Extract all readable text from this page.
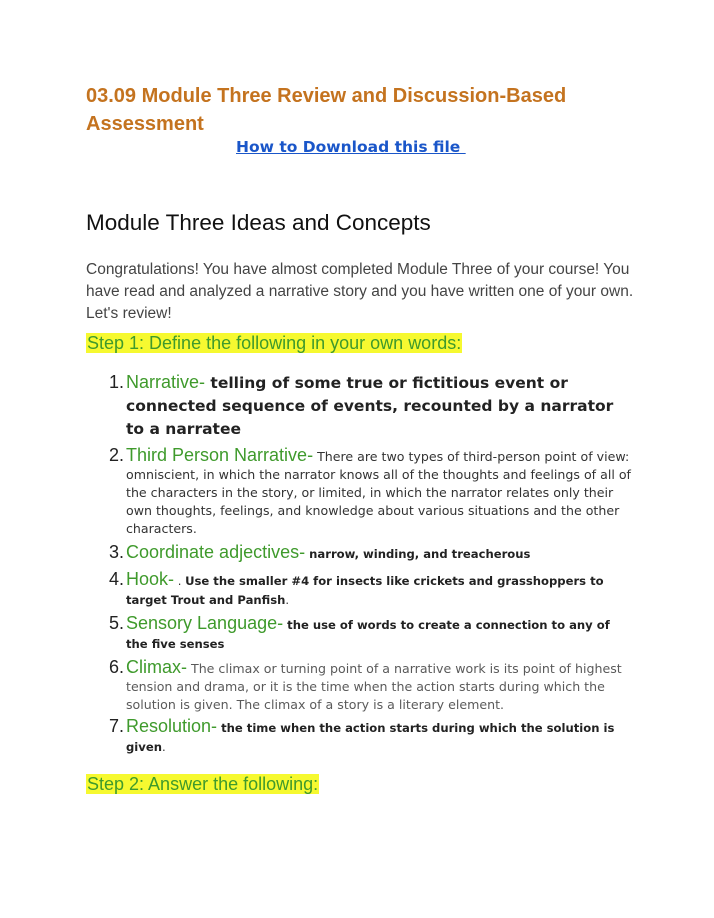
03.09 Module Three Review and Discussion-Based Assessment
How to Download this file
Module Three Ideas and Concepts

Congratulations! You have almost completed Module Three of your course! You have read and analyzed a narrative story and you have written one of your own. Let's review!

Step 1: Define the following in your own words:
1. Narrative- telling of some true or fictitious event or connected sequence of events, recounted by a narrator to a narratee
2. Third Person Narrative- There are two types of third-person point of view: omniscient, in which the narrator knows all of the thoughts and feelings of all of the characters in the story, or limited, in which the narrator relates only their own thoughts, feelings, and knowledge about various situations and the other characters.
3. Coordinate adjectives- narrow, winding, and treacherous
4. Hook- . Use the smaller #4 for insects like crickets and grasshoppers to target Trout and Panfish.
5. Sensory Language- the use of words to create a connection to any of the five senses
6. Climax- The climax or turning point of a narrative work is its point of highest tension and drama, or it is the time when the action starts during which the solution is given. The climax of a story is a literary element.
7. Resolution- the time when the action starts during which the solution is given.
Step 2: Answer the following:
